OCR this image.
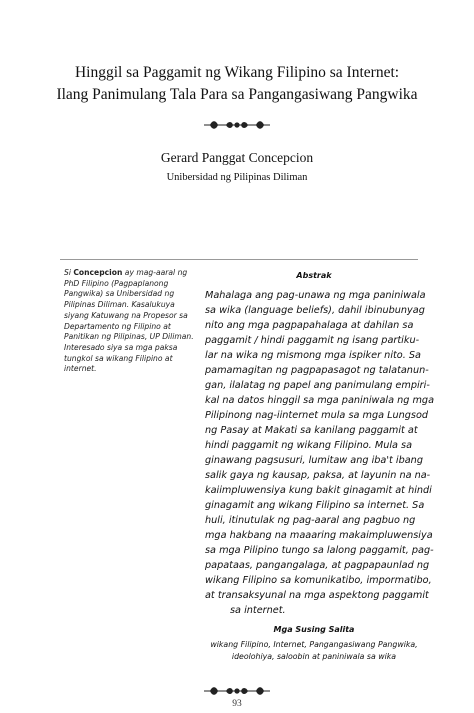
Hinggil sa Paggamit ng Wikang Filipino sa Internet:
Ilang Panimulang Tala Para sa Pangangasiwang Pangwika
Gerard Panggat Concepcion
Unibersidad ng Pilipinas Diliman
Si Concepcion ay mag-aaral ng PhD Filipino (Pagpaplanong Pangwika) sa Unibersidad ng Pilipinas Diliman. Kasalukuya siyang Katuwang na Propesor sa Departamento ng Filipino at Panitikan ng Pilipinas, UP Diliman. Interesado siya sa mga paksa tungkol sa wikang Filipino at internet.
Abstrak
Mahalaga ang pag-unawa ng mga paniniwala
sa wika (language beliefs), dahil ibinubunyag
nito ang mga pagpapahalaga at dahilan sa
paggamit / hindi paggamit ng isang partiku-
lar na wika ng mismong mga ispiker nito. Sa
pamamagitan ng pagpapasagot ng talatanun-
gan, ilalatag ng papel ang panimulang empiri-
kal na datos hinggil sa mga paniniwala ng mga
Pilipinong nag-iinternet mula sa mga Lungsod
ng Pasay at Makati sa kanilang paggamit at
hindi paggamit ng wikang Filipino. Mula sa
ginawang pagsusuri, lumitaw ang iba't ibang
salik gaya ng kausap, paksa, at layunin na na-
kaiimpluwensiya kung bakit ginagamit at hindi
ginagamit ang wikang Filipino sa internet. Sa
huli, itinutulak ng pag-aaral ang pagbuo ng
mga hakbang na maaaring makaimpluwensiya
sa mga Pilipino tungo sa lalong paggamit, pag-
papataas, pangangalaga, at pagpapaunlad ng
wikang Filipino sa komunikatibo, impormatibo,
at transaksyunal na mga aspektong paggamit
sa internet.
Mga Susing Salita
wikang Filipino, Internet, Pangangasiwang Pangwika,
ideolohiya, saloobin at paniniwala sa wika
93
